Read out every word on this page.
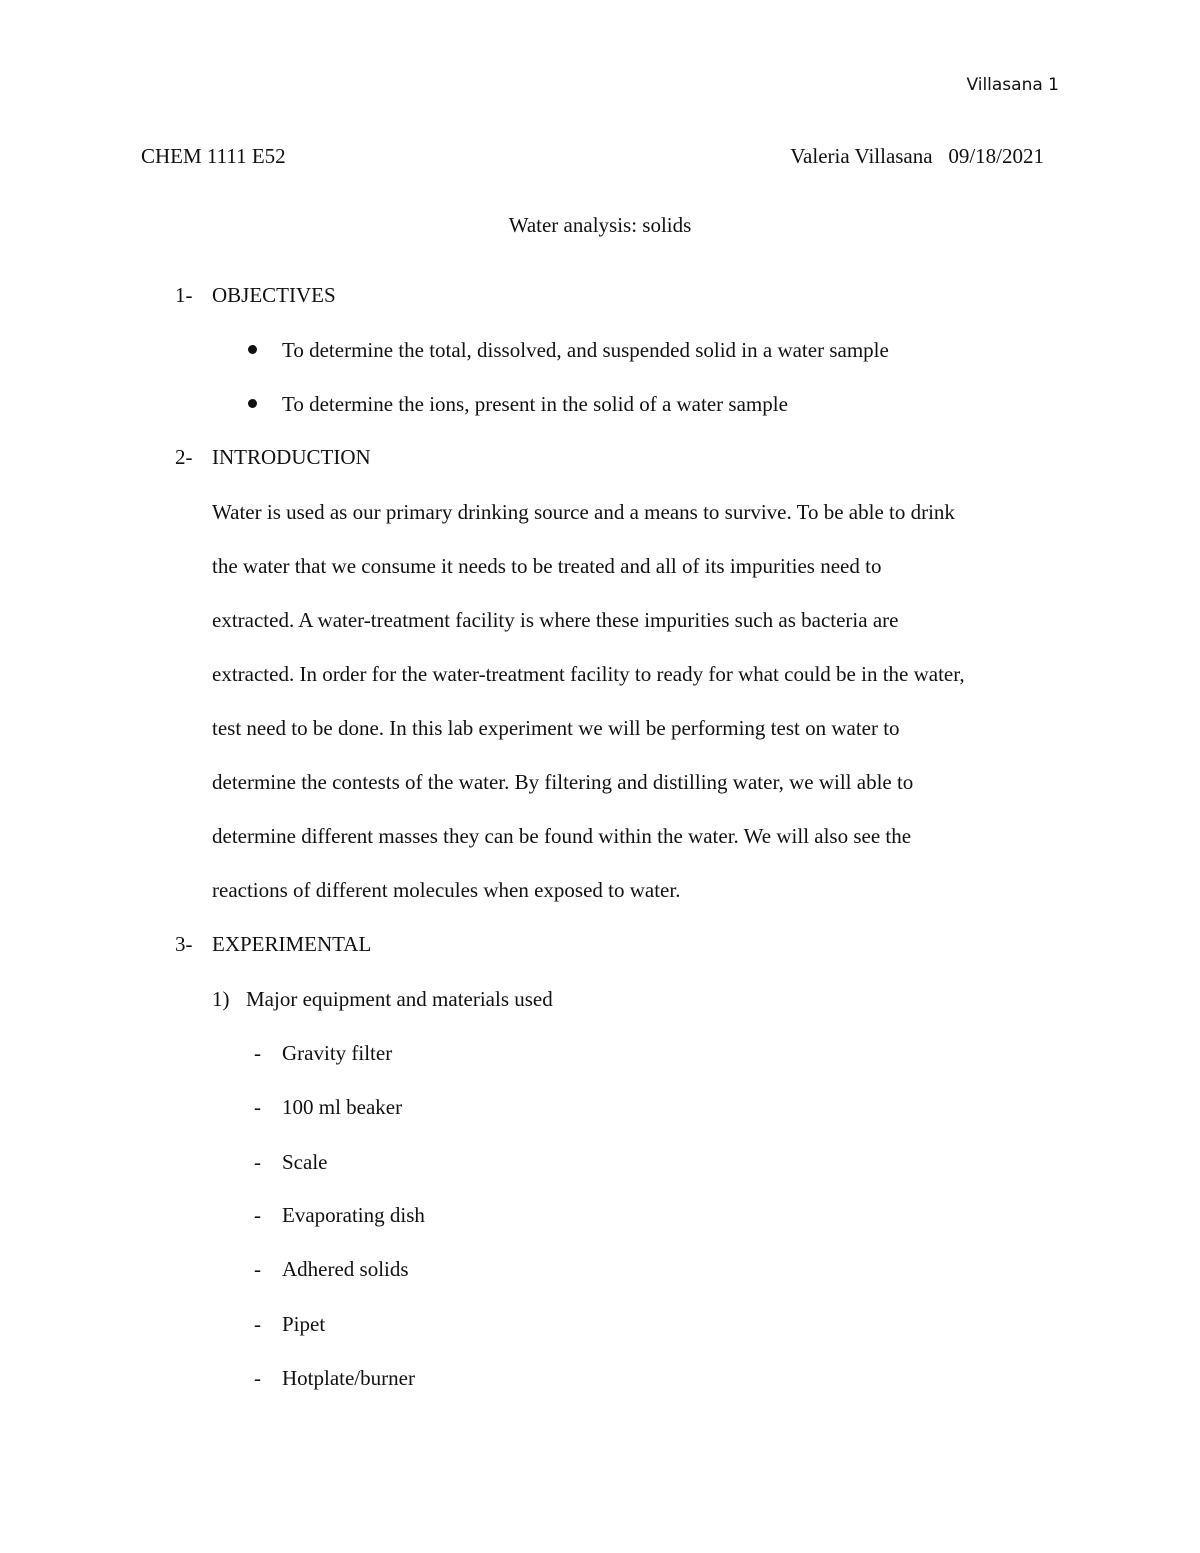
Villasana 1
CHEM 1111 E52	Valeria Villasana   09/18/2021
Water analysis: solids
1- OBJECTIVES
To determine the total, dissolved, and suspended solid in a water sample
To determine the ions, present in the solid of a water sample
2- INTRODUCTION
Water is used as our primary drinking source and a means to survive. To be able to drink
the water that we consume it needs to be treated and all of its impurities need to
extracted. A water-treatment facility is where these impurities such as bacteria are
extracted. In order for the water-treatment facility to ready for what could be in the water,
test need to be done. In this lab experiment we will be performing test on water to
determine the contests of the water. By filtering and distilling water, we will able to
determine different masses they can be found within the water. We will also see the
reactions of different molecules when exposed to water.
3- EXPERIMENTAL
1) Major equipment and materials used
- Gravity filter
- 100 ml beaker
- Scale
- Evaporating dish
- Adhered solids
- Pipet
- Hotplate/burner
